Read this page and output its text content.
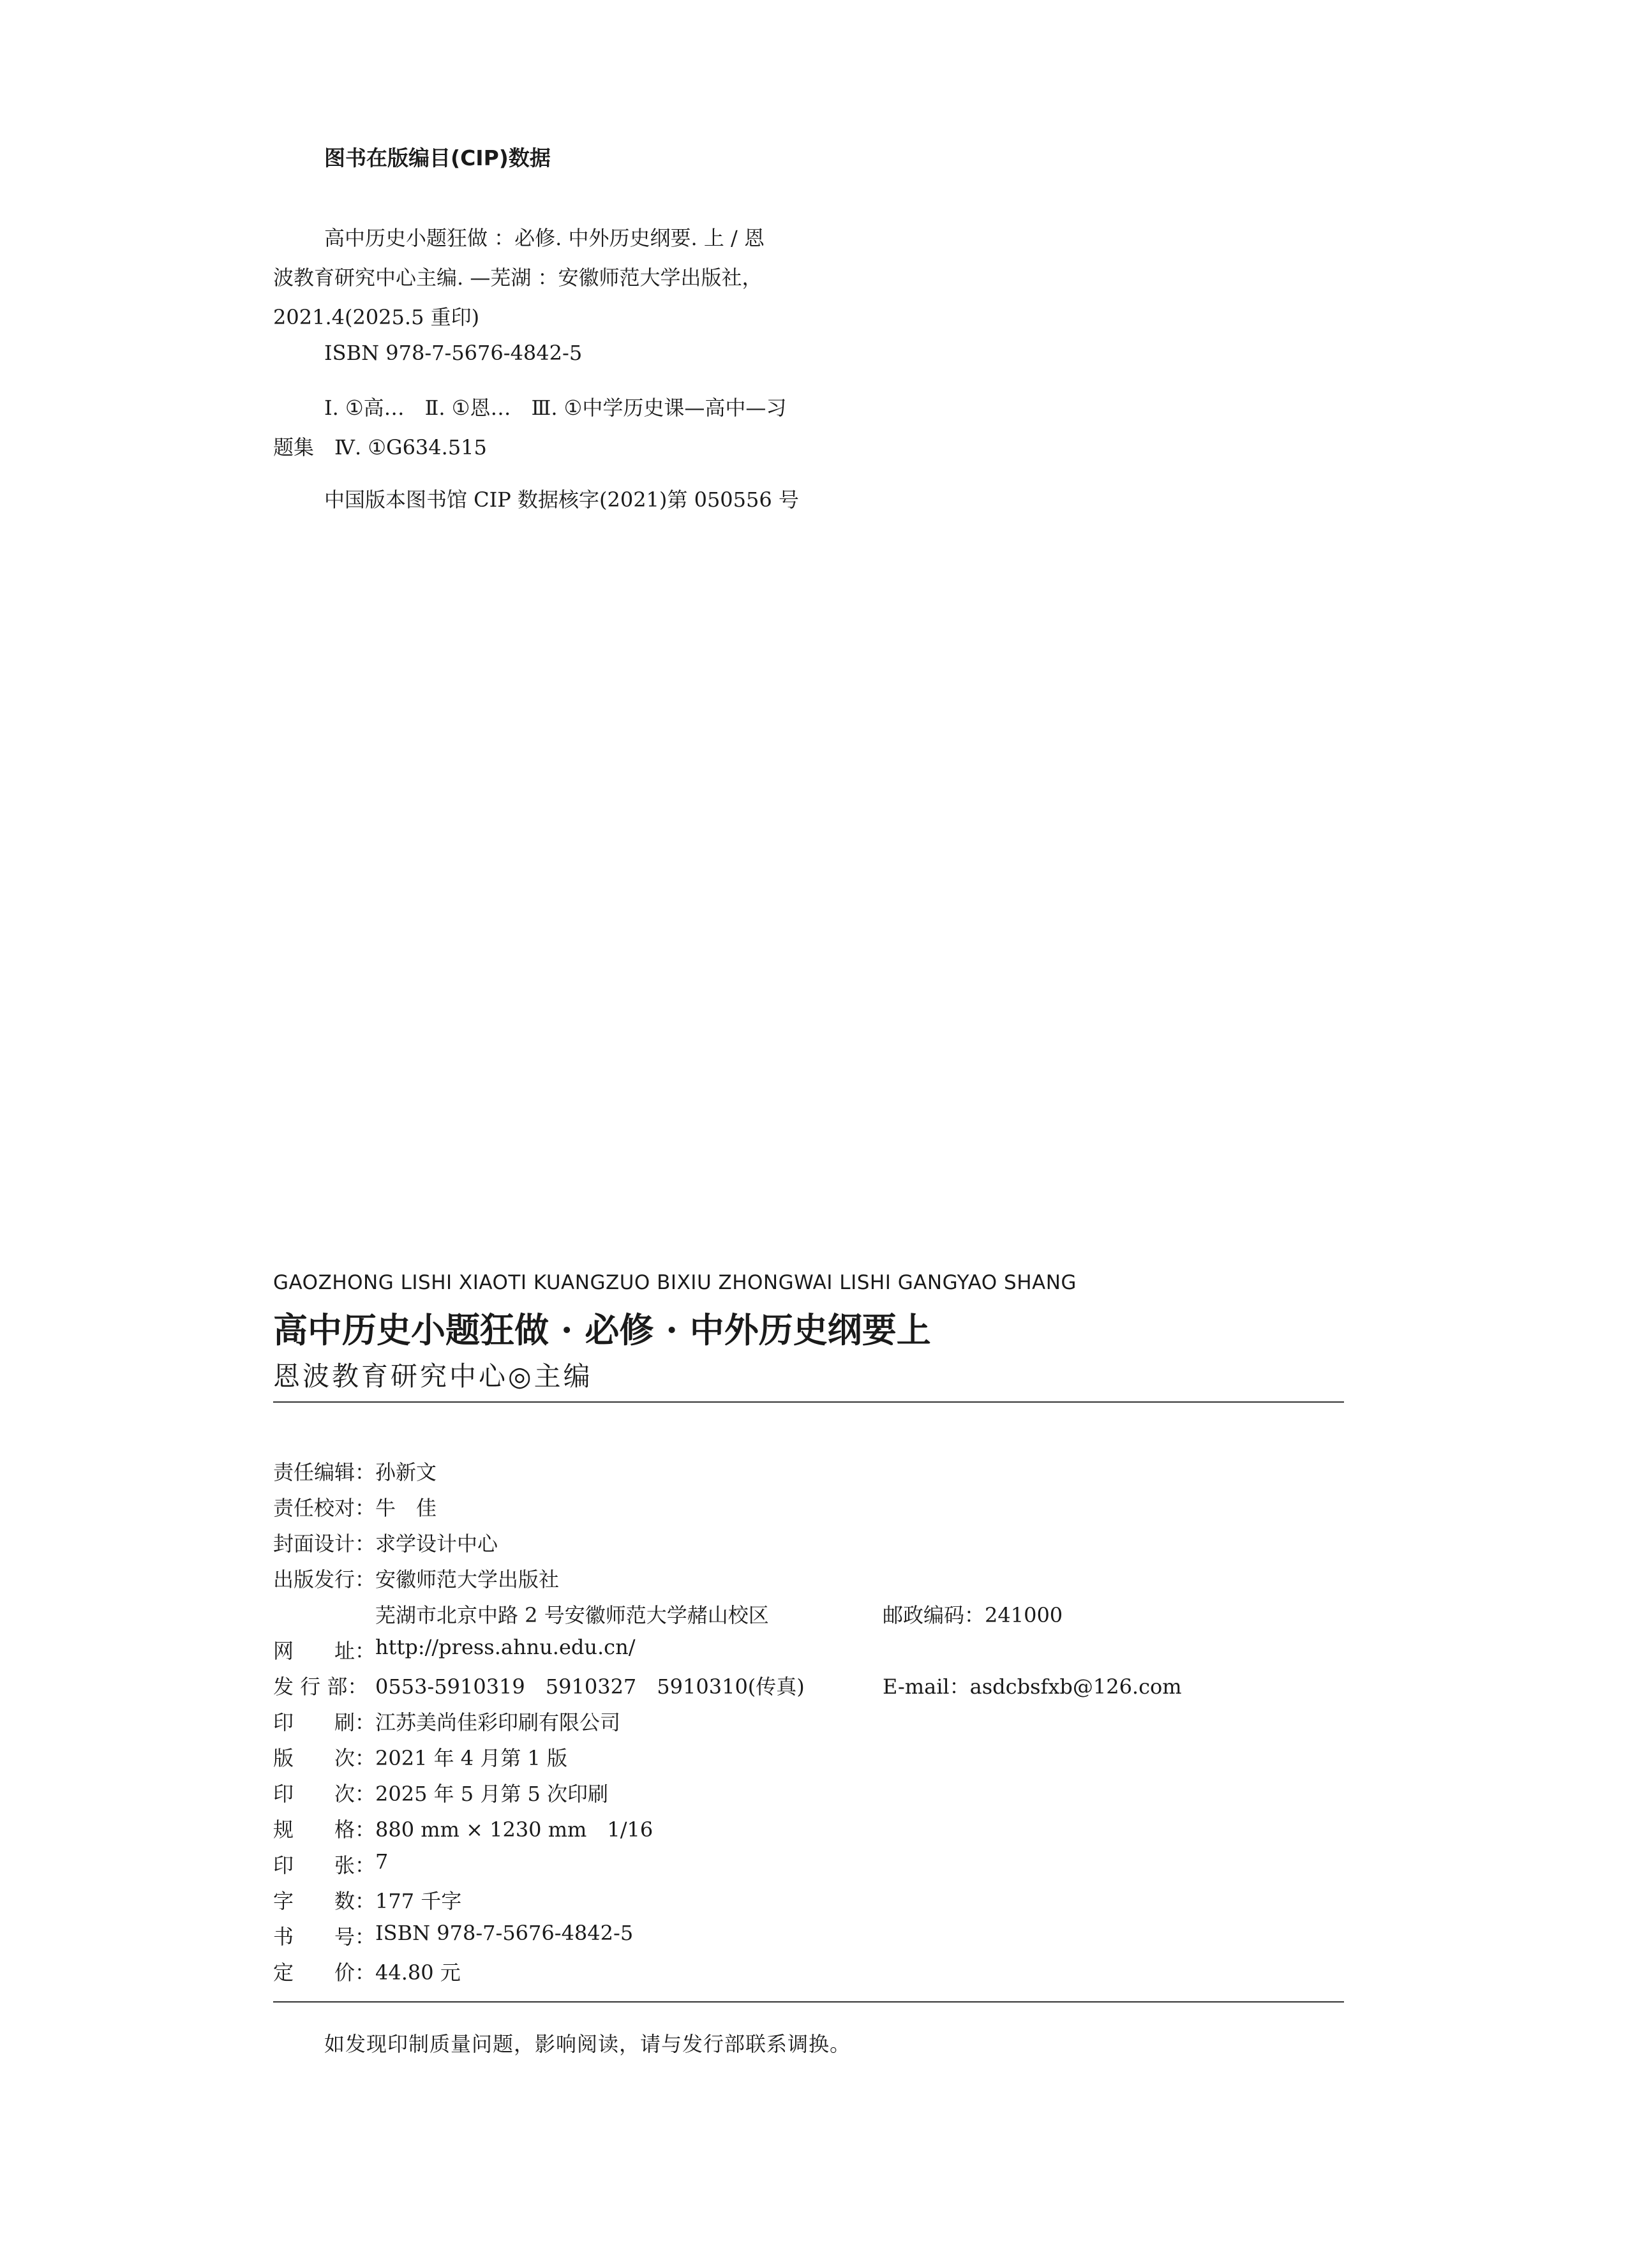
图书在版编目(CIP)数据
高中历史小题狂做 ：必修. 中外历史纲要. 上 / 恩
波教育研究中心主编. —芜湖 ：安徽师范大学出版社，
2021.4(2025.5 重印)
ISBN 978-7-5676-4842-5
Ⅰ. ①高…　Ⅱ. ①恩…　Ⅲ. ①中学历史课—高中—习
题集　Ⅳ. ①G634.515
中国版本图书馆 CIP 数据核字(2021)第 050556 号
GAOZHONG LISHI XIAOTI KUANGZUO BIXIU ZHONGWAI LISHI GANGYAO SHANG
高中历史小题狂做 · 必修 · 中外历史纲要上
恩波教育研究中心◎主编
责任编辑： 孙新文
责任校对： 牛　佳
封面设计： 求学设计中心
出版发行： 安徽师范大学出版社
芜湖市北京中路 2 号安徽师范大学赭山校区	邮政编码：241000
网　　址： http://press.ahnu.edu.cn/
发 行 部： 0553-5910319　5910327　5910310(传真)	E-mail：asdcbsfxb@126.com
印　　刷： 江苏美尚佳彩印刷有限公司
版　　次： 2021 年 4 月第 1 版
印　　次： 2025 年 5 月第 5 次印刷
规　　格： 880 mm × 1230 mm　1/16
印　　张： 7
字　　数： 177 千字
书　　号： ISBN 978-7-5676-4842-5
定　　价： 44.80 元
如发现印制质量问题，影响阅读，请与发行部联系调换。
